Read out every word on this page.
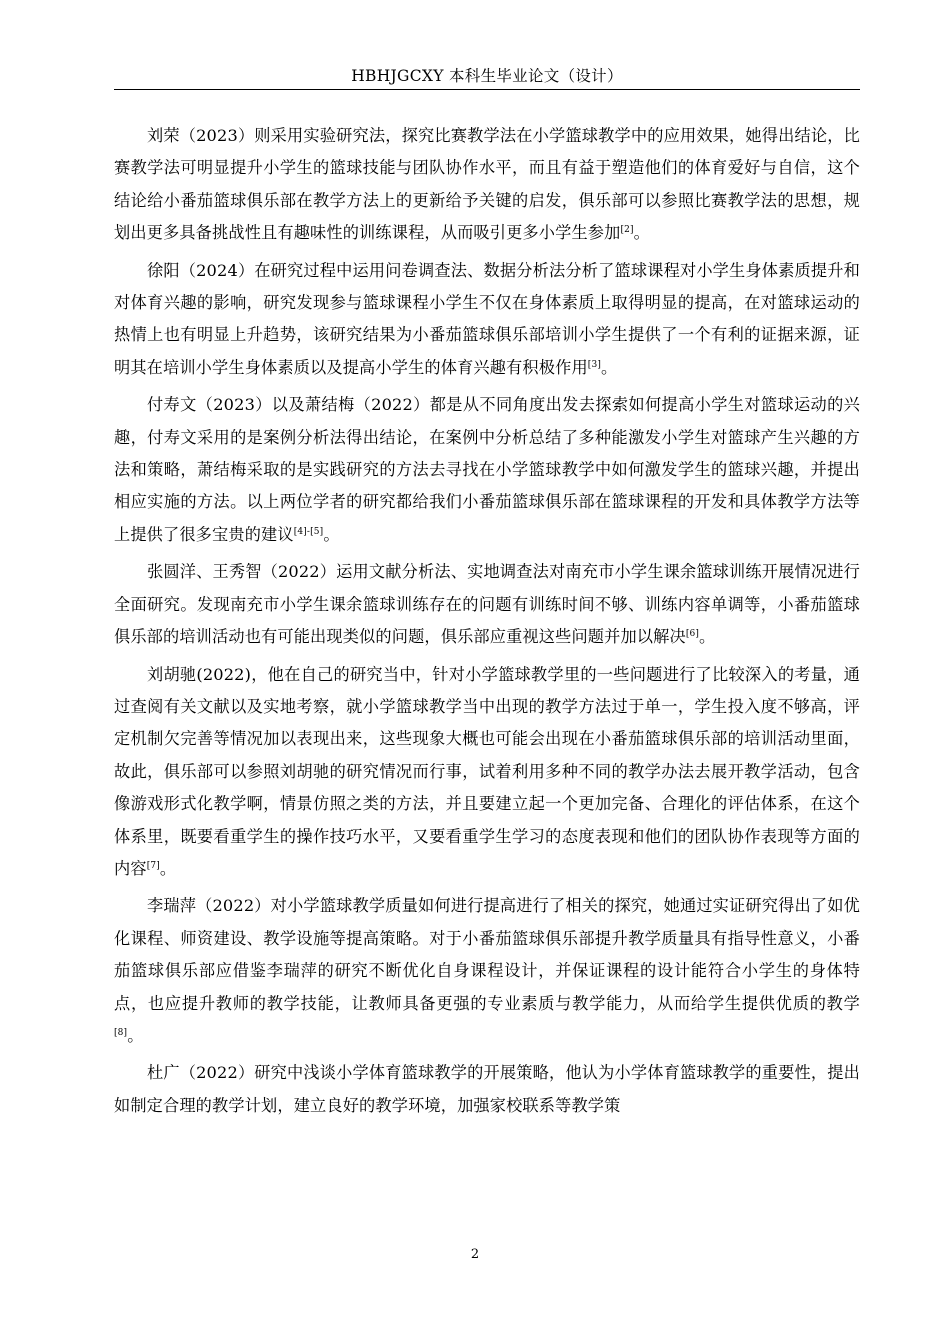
HBHJGCXY 本科生毕业论文（设计）

刘荣（2023）则采用实验研究法，探究比赛教学法在小学篮球教学中的应用效果，她得出结论，比赛教学法可明显提升小学生的篮球技能与团队协作水平，而且有益于塑造他们的体育爱好与自信，这个结论给小番茄篮球俱乐部在教学方法上的更新给予关键的启发，俱乐部可以参照比赛教学法的思想，规划出更多具备挑战性且有趣味性的训练课程，从而吸引更多小学生参加[2]。

徐阳（2024）在研究过程中运用问卷调查法、数据分析法分析了篮球课程对小学生身体素质提升和对体育兴趣的影响，研究发现参与篮球课程小学生不仅在身体素质上取得明显的提高，在对篮球运动的热情上也有明显上升趋势，该研究结果为小番茄篮球俱乐部培训小学生提供了一个有利的证据来源，证明其在培训小学生身体素质以及提高小学生的体育兴趣有积极作用[3]。

付寿文（2023）以及萧结梅（2022）都是从不同角度出发去探索如何提高小学生对篮球运动的兴趣，付寿文采用的是案例分析法得出结论，在案例中分析总结了多种能激发小学生对篮球产生兴趣的方法和策略，萧结梅采取的是实践研究的方法去寻找在小学篮球教学中如何激发学生的篮球兴趣，并提出相应实施的方法。以上两位学者的研究都给我们小番茄篮球俱乐部在篮球课程的开发和具体教学方法等上提供了很多宝贵的建议[4]-[5]。

张圆洋、王秀智（2022）运用文献分析法、实地调查法对南充市小学生课余篮球训练开展情况进行全面研究。发现南充市小学生课余篮球训练存在的问题有训练时间不够、训练内容单调等，小番茄篮球俱乐部的培训活动也有可能出现类似的问题，俱乐部应重视这些问题并加以解决[6]。

刘胡驰(2022)，他在自己的研究当中，针对小学篮球教学里的一些问题进行了比较深入的考量，通过查阅有关文献以及实地考察，就小学篮球教学当中出现的教学方法过于单一，学生投入度不够高，评定机制欠完善等情况加以表现出来，这些现象大概也可能会出现在小番茄篮球俱乐部的培训活动里面，故此，俱乐部可以参照刘胡驰的研究情况而行事，试着利用多种不同的教学办法去展开教学活动，包含像游戏形式化教学啊，情景仿照之类的方法，并且要建立起一个更加完备、合理化的评估体系，在这个体系里，既要看重学生的操作技巧水平，又要看重学生学习的态度表现和他们的团队协作表现等方面的内容[7]。

李瑞萍（2022）对小学篮球教学质量如何进行提高进行了相关的探究，她通过实证研究得出了如优化课程、师资建设、教学设施等提高策略。对于小番茄篮球俱乐部提升教学质量具有指导性意义，小番茄篮球俱乐部应借鉴李瑞萍的研究不断优化自身课程设计，并保证课程的设计能符合小学生的身体特点，也应提升教师的教学技能，让教师具备更强的专业素质与教学能力，从而给学生提供优质的教学[8]。

杜广（2022）研究中浅谈小学体育篮球教学的开展策略，他认为小学体育篮球教学的重要性，提出如制定合理的教学计划，建立良好的教学环境，加强家校联系等教学策

2
